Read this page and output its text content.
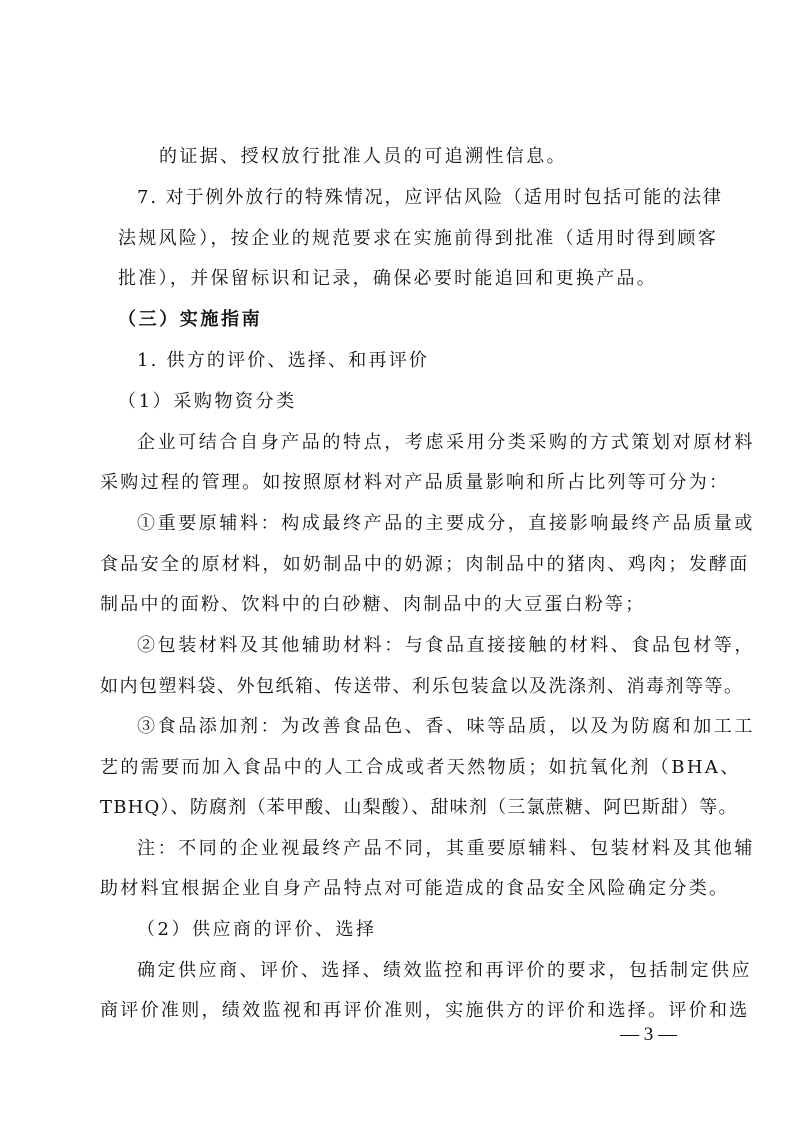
的证据、授权放行批准人员的可追溯性信息。
7. 对于例外放行的特殊情况，应评估风险（适用时包括可能的法律
法规风险），按企业的规范要求在实施前得到批准（适用时得到顾客
批准），并保留标识和记录，确保必要时能追回和更换产品。
（三）实施指南
1. 供方的评价、选择、和再评价
（1）采购物资分类
企业可结合自身产品的特点，考虑采用分类采购的方式策划对原材料
采购过程的管理。如按照原材料对产品质量影响和所占比列等可分为：
①重要原辅料：构成最终产品的主要成分，直接影响最终产品质量或
食品安全的原材料，如奶制品中的奶源；肉制品中的猪肉、鸡肉；发酵面
制品中的面粉、饮料中的白砂糖、肉制品中的大豆蛋白粉等；
②包装材料及其他辅助材料：与食品直接接触的材料、食品包材等，
如内包塑料袋、外包纸箱、传送带、利乐包装盒以及洗涤剂、消毒剂等等。
③食品添加剂：为改善食品色、香、味等品质，以及为防腐和加工工
艺的需要而加入食品中的人工合成或者天然物质；如抗氧化剂（BHA、
TBHQ）、防腐剂（苯甲酸、山梨酸）、甜味剂（三氯蔗糖、阿巴斯甜）等。
注：不同的企业视最终产品不同，其重要原辅料、包装材料及其他辅
助材料宜根据企业自身产品特点对可能造成的食品安全风险确定分类。
（2）供应商的评价、选择
确定供应商、评价、选择、绩效监控和再评价的要求，包括制定供应
商评价准则，绩效监视和再评价准则，实施供方的评价和选择。评价和选
— 3 —
